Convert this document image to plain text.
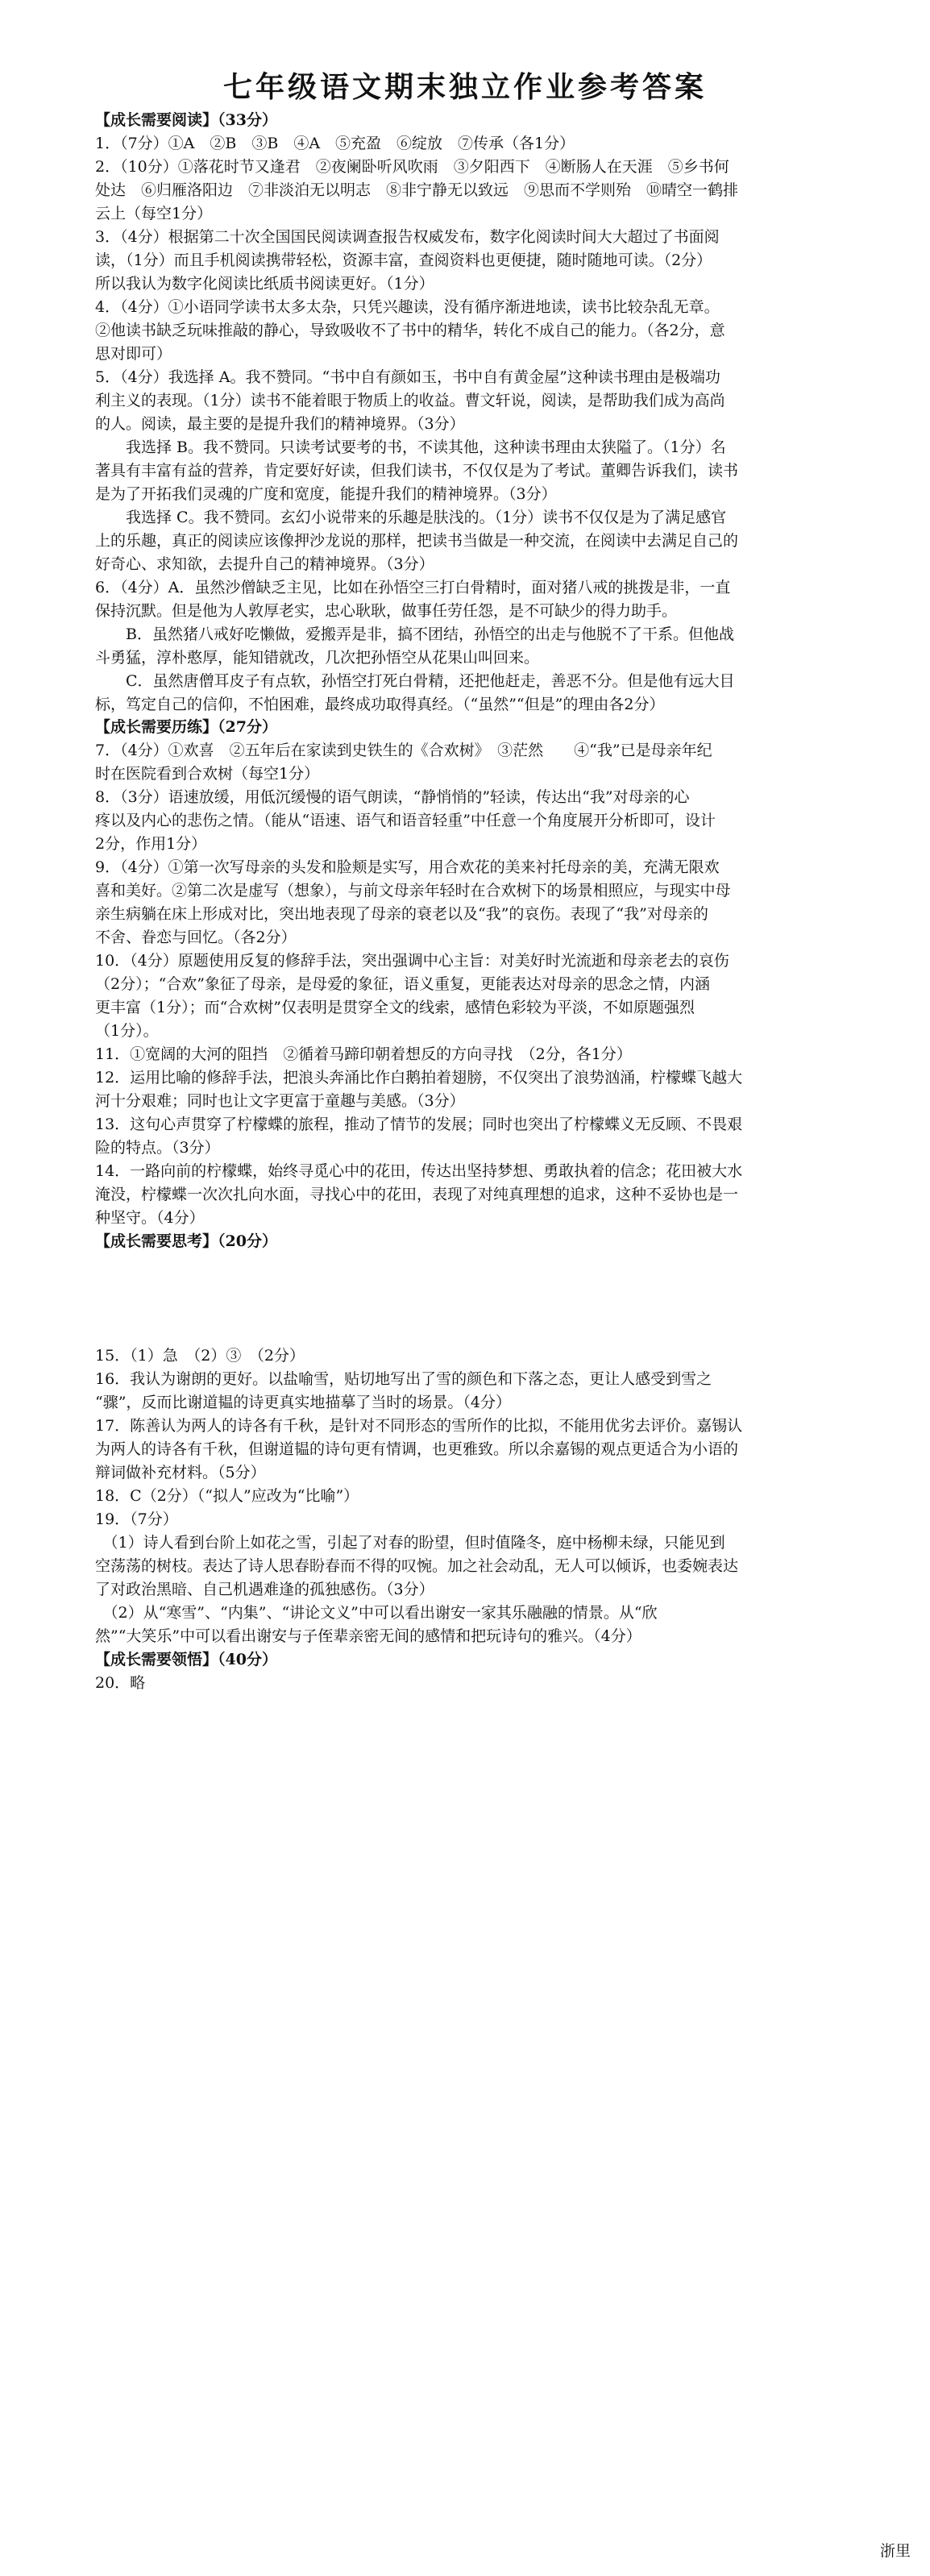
七年级语文期末独立作业参考答案
【成长需要阅读】（33分）
1．（7分）①A　②B　③B　④A　⑤充盈　⑥绽放　⑦传承（各1分）
2．（10分）①落花时节又逢君　②夜阑卧听风吹雨　③夕阳西下　④断肠人在天涯　⑤乡书何
处达　⑥归雁洛阳边　⑦非淡泊无以明志　⑧非宁静无以致远　⑨思而不学则殆　⑩晴空一鹤排
云上（每空1分）
3．（4分）根据第二十次全国国民阅读调查报告权威发布，数字化阅读时间大大超过了书面阅
读，（1分）而且手机阅读携带轻松，资源丰富，查阅资料也更便捷，随时随地可读。（2分）
所以我认为数字化阅读比纸质书阅读更好。（1分）
4．（4分）①小语同学读书太多太杂，只凭兴趣读，没有循序渐进地读，读书比较杂乱无章。
②他读书缺乏玩味推敲的静心，导致吸收不了书中的精华，转化不成自己的能力。（各2分，意
思对即可）
5．（4分）我选择 A。我不赞同。“书中自有颜如玉，书中自有黄金屋”这种读书理由是极端功
利主义的表现。（1分）读书不能着眼于物质上的收益。曹文轩说，阅读，是帮助我们成为高尚
的人。阅读，最主要的是提升我们的精神境界。（3分）
　　我选择 B。我不赞同。只读考试要考的书，不读其他，这种读书理由太狭隘了。（1分）名
著具有丰富有益的营养，肯定要好好读，但我们读书，不仅仅是为了考试。董卿告诉我们，读书
是为了开拓我们灵魂的广度和宽度，能提升我们的精神境界。（3分）
　　我选择 C。我不赞同。玄幻小说带来的乐趣是肤浅的。（1分）读书不仅仅是为了满足感官
上的乐趣，真正的阅读应该像押沙龙说的那样，把读书当做是一种交流，在阅读中去满足自己的
好奇心、求知欲，去提升自己的精神境界。（3分）
6．（4分）A．虽然沙僧缺乏主见，比如在孙悟空三打白骨精时，面对猪八戒的挑拨是非，一直
保持沉默。但是他为人敦厚老实，忠心耿耿，做事任劳任怨，是不可缺少的得力助手。
　　B．虽然猪八戒好吃懒做，爱搬弄是非，搞不团结，孙悟空的出走与他脱不了干系。但他战
斗勇猛，淳朴憨厚，能知错就改，几次把孙悟空从花果山叫回来。
　　C．虽然唐僧耳皮子有点软，孙悟空打死白骨精，还把他赶走，善恶不分。但是他有远大目
标，笃定自己的信仰，不怕困难，最终成功取得真经。（“虽然”“但是”的理由各2分）
【成长需要历练】（27分）
7．（4分）①欢喜　②五年后在家读到史铁生的《合欢树》　③茫然　　④“我”已是母亲年纪
时在医院看到合欢树（每空1分）
8．（3分）语速放缓，用低沉缓慢的语气朗读，“静悄悄的”轻读，传达出“我”对母亲的心
疼以及内心的悲伤之情。（能从“语速、语气和语音轻重”中任意一个角度展开分析即可，设计
2分，作用1分）
9．（4分）①第一次写母亲的头发和脸颊是实写，用合欢花的美来衬托母亲的美，充满无限欢
喜和美好。②第二次是虚写（想象），与前文母亲年轻时在合欢树下的场景相照应，与现实中母
亲生病躺在床上形成对比，突出地表现了母亲的衰老以及“我”的哀伤。表现了“我”对母亲的
不舍、眷恋与回忆。（各2分）
10．（4分）原题使用反复的修辞手法，突出强调中心主旨：对美好时光流逝和母亲老去的哀伤
（2分）；“合欢”象征了母亲，是母爱的象征，语义重复，更能表达对母亲的思念之情，内涵
更丰富（1分）；而“合欢树”仅表明是贯穿全文的线索，感情色彩较为平淡，不如原题强烈
（1分）。
11．①宽阔的大河的阻挡　②循着马蹄印朝着想反的方向寻找　（2分，各1分）
12．运用比喻的修辞手法，把浪头奔涌比作白鹅拍着翅膀，不仅突出了浪势汹涌，柠檬蝶飞越大
河十分艰难；同时也让文字更富于童趣与美感。（3分）
13．这句心声贯穿了柠檬蝶的旅程，推动了情节的发展；同时也突出了柠檬蝶义无反顾、不畏艰
险的特点。（3分）
14．一路向前的柠檬蝶，始终寻觅心中的花田，传达出坚持梦想、勇敢执着的信念；花田被大水
淹没，柠檬蝶一次次扎向水面，寻找心中的花田，表现了对纯真理想的追求，这种不妥协也是一
种坚守。（4分）
【成长需要思考】（20分）
15．（1）急　（2）③　（2分）
16．我认为谢朗的更好。以盐喻雪，贴切地写出了雪的颜色和下落之态，更让人感受到雪之
“骤”，反而比谢道韫的诗更真实地描摹了当时的场景。（4分）
17．陈善认为两人的诗各有千秋，是针对不同形态的雪所作的比拟，不能用优劣去评价。嘉锡认
为两人的诗各有千秋，但谢道韫的诗句更有情调，也更雅致。所以余嘉锡的观点更适合为小语的
辩词做补充材料。（5分）
18．C（2分）（“拟人”应改为“比喻”）
19．（7分）
　（1）诗人看到台阶上如花之雪，引起了对春的盼望，但时值隆冬，庭中杨柳未绿，只能见到
空荡荡的树枝。表达了诗人思春盼春而不得的叹惋。加之社会动乱，无人可以倾诉，也委婉表达
了对政治黑暗、自己机遇难逢的孤独感伤。（3分）
　（2）从“寒雪”、“内集”、“讲论文义”中可以看出谢安一家其乐融融的情景。从“欣
然”“大笑乐”中可以看出谢安与子侄辈亲密无间的感情和把玩诗句的雅兴。（4分）
【成长需要领悟】（40分）
20．略
浙里
